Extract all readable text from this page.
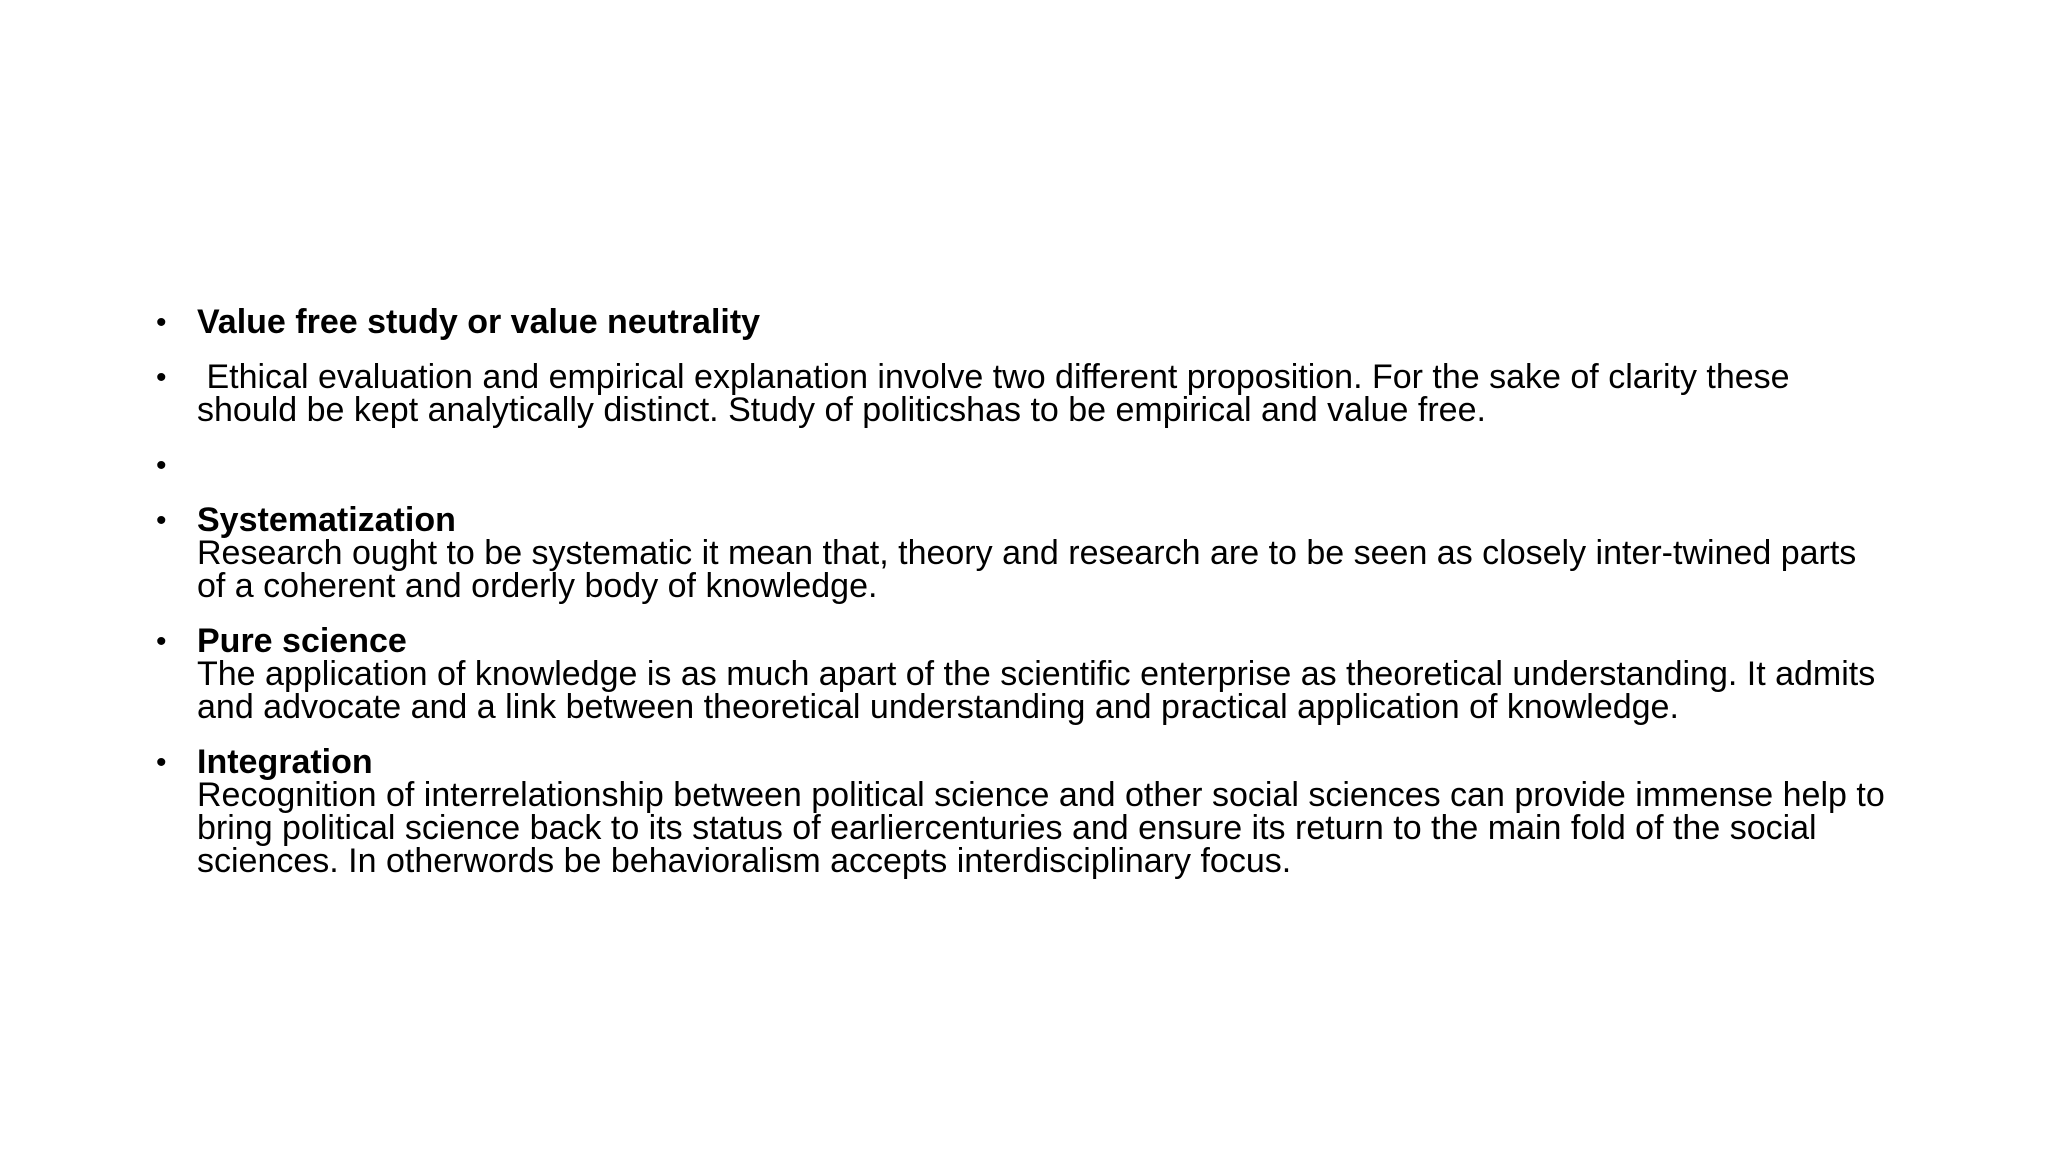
• Value free study or value neutrality
• Ethical evaluation and empirical explanation involve two different proposition. For the sake of clarity these should be kept analytically distinct. Study of politicshas to be empirical and value free.
•
• Systematization
Research ought to be systematic it mean that, theory and research are to be seen as closely inter-twined parts of a coherent and orderly body of knowledge.
• Pure science
The application of knowledge is as much apart of the scientific enterprise as theoretical understanding. It admits and advocate and a link between theoretical understanding and practical application of knowledge.
• Integration
Recognition of interrelationship between political science and other social sciences can provide immense help to bring political science back to its status of earliercenturies and ensure its return to the main fold of the social sciences. In otherwords be behavioralism accepts interdisciplinary focus.
